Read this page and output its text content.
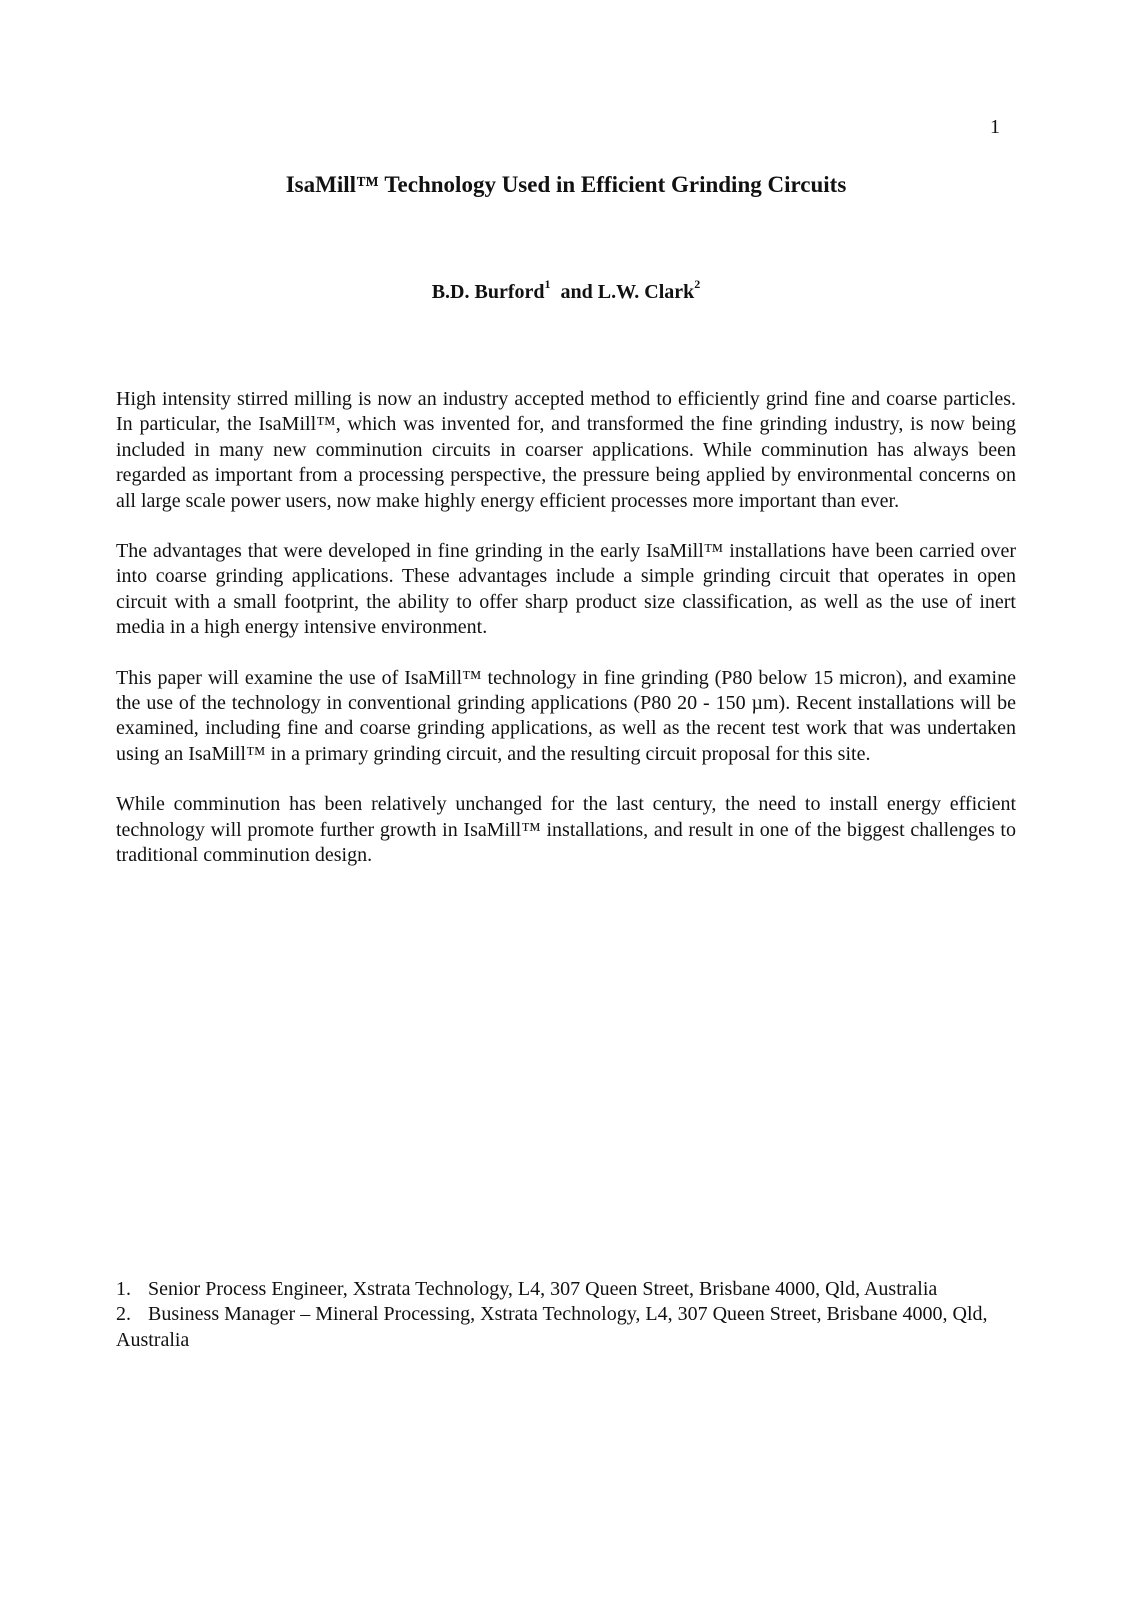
1
IsaMill™ Technology Used in Efficient Grinding Circuits
B.D. Burford$^1$ and L.W. Clark$^2$

High intensity stirred milling is now an industry accepted method to efficiently grind fine and coarse particles. In particular, the IsaMill™, which was invented for, and transformed the fine grinding industry, is now being included in many new comminution circuits in coarser applications. While comminution has always been regarded as important from a processing perspective, the pressure being applied by environmental concerns on all large scale power users, now make highly energy efficient processes more important than ever.

The advantages that were developed in fine grinding in the early IsaMill™ installations have been carried over into coarse grinding applications. These advantages include a simple grinding circuit that operates in open circuit with a small footprint, the ability to offer sharp product size classification, as well as the use of inert media in a high energy intensive environment.

This paper will examine the use of IsaMill™ technology in fine grinding (P80 below 15 micron), and examine the use of the technology in conventional grinding applications (P80 20 - 150 µm). Recent installations will be examined, including fine and coarse grinding applications, as well as the recent test work that was undertaken using an IsaMill™ in a primary grinding circuit, and the resulting circuit proposal for this site.

While comminution has been relatively unchanged for the last century, the need to install energy efficient technology will promote further growth in IsaMill™ installations, and result in one of the biggest challenges to traditional comminution design.

1. Senior Process Engineer, Xstrata Technology, L4, 307 Queen Street, Brisbane 4000, Qld, Australia

2. Business Manager – Mineral Processing, Xstrata Technology, L4, 307 Queen Street, Brisbane 4000, Qld, Australia
